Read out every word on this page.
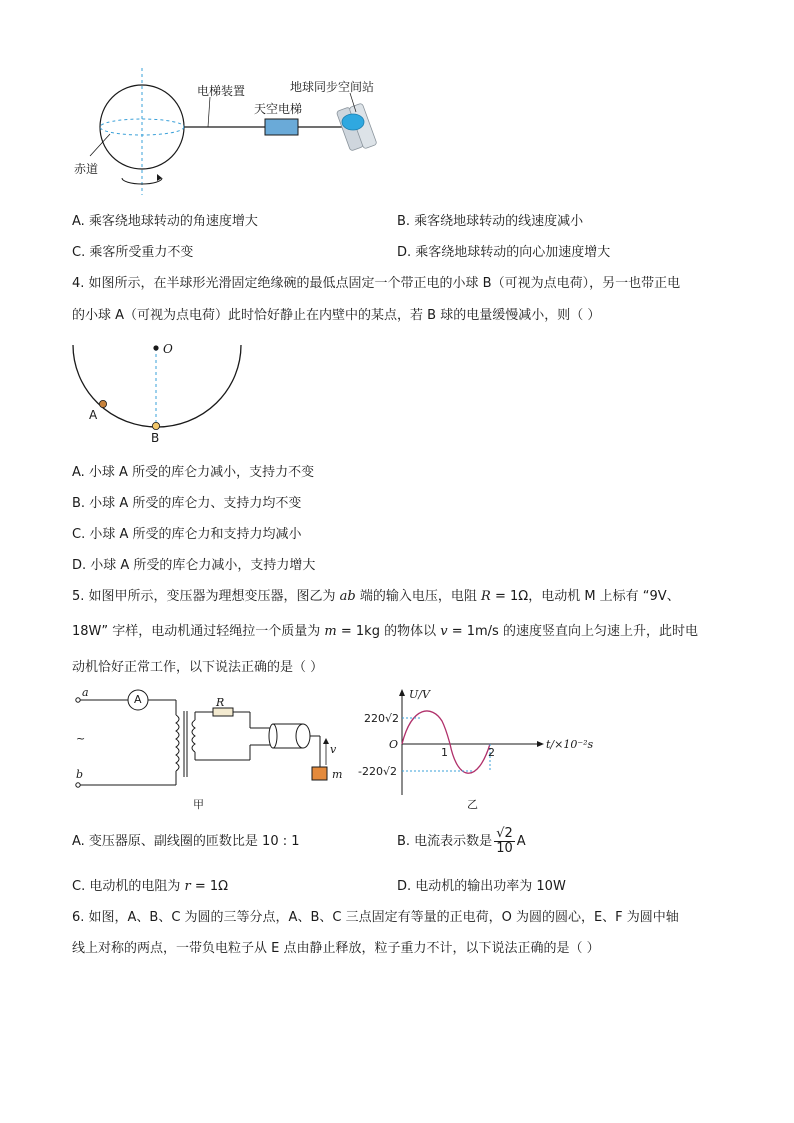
电梯装置	地球同步空间站
天空电梯
赤道
A. 乘客绕地球转动的角速度增大	B. 乘客绕地球转动的线速度减小
C. 乘客所受重力不变	D. 乘客绕地球转动的向心加速度增大
4. 如图所示，在半球形光滑固定绝缘碗的最低点固定一个带正电的小球 B（可视为点电荷），另一也带正电
的小球 A（可视为点电荷）此时恰好静止在内壁中的某点，若 B 球的电量缓慢减小，则（ ）
O
A
B
A. 小球 A 所受的库仑力减小，支持力不变
B. 小球 A 所受的库仑力、支持力均不变
C. 小球 A 所受的库仑力和支持力均减小
D. 小球 A 所受的库仑力减小，支持力增大
5. 如图甲所示，变压器为理想变压器，图乙为 ab 端的输入电压，电阻 R = 1Ω，电动机 M 上标有 “9V、
18W” 字样，电动机通过轻绳拉一个质量为 m = 1kg 的物体以 v = 1m/s 的速度竖直向上匀速上升，此时电
动机恰好正常工作，以下说法正确的是（ ）
a
A	R
~
b
v
m
甲
U/V
220√2
O
1	2
t/×10⁻²s
-220√2
乙
A. 变压器原、副线圈的匝数比是 10 : 1	B. 电流表示数是 $\frac{√2}{10}$ A
C. 电动机的电阻为 r = 1Ω	D. 电动机的输出功率为 10W
6. 如图，A、B、C 为圆的三等分点，A、B、C 三点固定有等量的正电荷，O 为圆的圆心，E、F 为圆中轴
线上对称的两点，一带负电粒子从 E 点由静止释放，粒子重力不计，以下说法正确的是（ ）
